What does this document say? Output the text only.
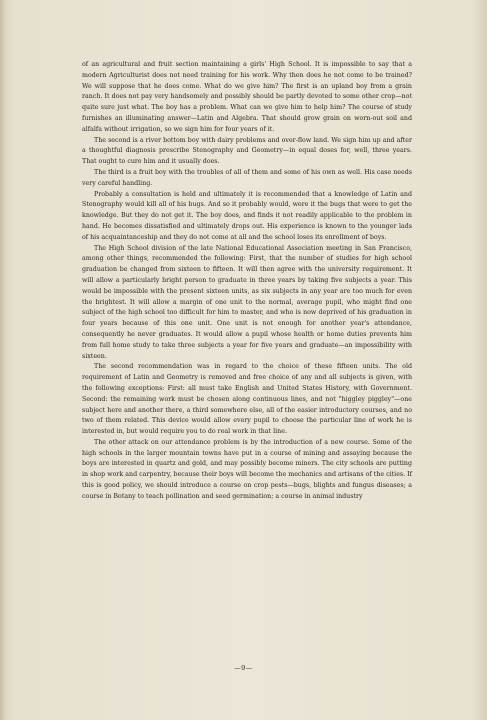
of an agricultural and fruit section maintaining a girls' High School. It is impossible to say that a modern Agriculturist does not need training for his work. Why then does he not come to be trained? We will suppose that he does come. What do we give him? The first is an upland boy from a grain ranch. It does not pay very handsomely and possibly should be partly devoted to some other crop—not quite sure just what. The boy has a problem. What can we give him to help him? The course of study furnishes an illuminating answer—Latin and Algebra. That should grow grain on worn-out soil and alfalfa without irrigation, so we sign him for four years of it.

The second is a river bottom boy with dairy problems and over-flow land. We sign him up and after a thoughtful diagnosis prescribe Stenography and Geometry—in equal doses for, well, three years. That ought to cure him and it usually does.

The third is a fruit boy with the troubles of all of them and some of his own as well. His case needs very careful handling.

Probably a consultation is held and ultimately it is recommended that a knowledge of Latin and Stenography would kill all of his bugs. And so it probably would, were it the bugs that were to get the knowledge. But they do not get it. The boy does, and finds it not readily applicable to the problem in hand. He becomes dissatisfied and ultimately drops out. His experience is known to the younger lads of his acquaintanceship and they do not come at all and the school loses its enrollment of boys.

The High School division of the late National Educational Association meeting in San Francisco, among other things, recommended the following: First, that the number of studies for high school graduation be changed from sixteen to fifteen. It will then agree with the university requirement. It will allow a particularly bright person to graduate in three years by taking five subjects a year. This would be impossible with the present sixteen units, as six subjects in any year are too much for even the brightest. It will allow a margin of one unit to the normal, average pupil, who might find one subject of the high school too difficult for him to master, and who is now deprived of his graduation in four years because of this one unit. One unit is not enough for another year's attendance, consequently he never graduates. It would allow a pupil whose health or home duties prevents him from full home study to take three subjects a year for five years and graduate—an impossibility with sixteen.

The second recommendation was in regard to the choice of these fifteen units. The old requirement of Latin and Geometry is removed and free choice of any and all subjects is given, with the following exceptions: First: all must take English and United States History, with Government. Second: the remaining work must be chosen along continuous lines, and not "higgley piggley"—one subject here and another there, a third somewhere else, all of the easier introductory courses, and no two of them related. This device would allow every pupil to choose the particular line of work he is interested in, but would require you to do real work in that line.

The other attack on our attendance problem is by the introduction of a new course. Some of the high schools in the larger mountain towns have put in a course of mining and assaying because the boys are interested in quartz and gold, and may possibly become miners. The city schools are putting in shop work and carpentry, because their boys will become the mechanics and artisans of the cities. If this is good policy, we should introduce a course on crop pests—bugs, blights and fungus diseases; a course in Botany to teach pollination and seed germination; a course in animal industry

—9—
